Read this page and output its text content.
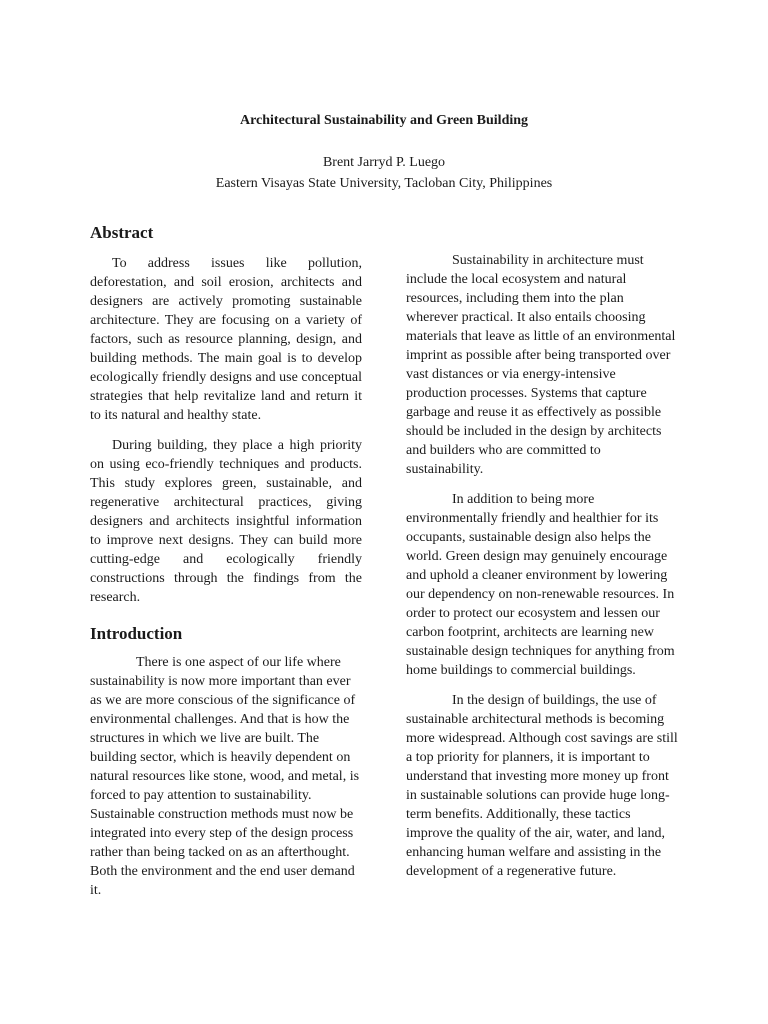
Architectural Sustainability and Green Building
Brent Jarryd P. Luego
Eastern Visayas State University, Tacloban City, Philippines
Abstract

To address issues like pollution, deforestation, and soil erosion, architects and designers are actively promoting sustainable architecture. They are focusing on a variety of factors, such as resource planning, design, and building methods. The main goal is to develop ecologically friendly designs and use conceptual strategies that help revitalize land and return it to its natural and healthy state.

During building, they place a high priority on using eco-friendly techniques and products. This study explores green, sustainable, and regenerative architectural practices, giving designers and architects insightful information to improve next designs. They can build more cutting-edge and ecologically friendly constructions through the findings from the research.

Introduction

There is one aspect of our life where sustainability is now more important than ever as we are more conscious of the significance of environmental challenges. And that is how the structures in which we live are built. The building sector, which is heavily dependent on natural resources like stone, wood, and metal, is forced to pay attention to sustainability. Sustainable construction methods must now be integrated into every step of the design process rather than being tacked on as an afterthought. Both the environment and the end user demand it.

Sustainability in architecture must include the local ecosystem and natural resources, including them into the plan wherever practical. It also entails choosing materials that leave as little of an environmental imprint as possible after being transported over vast distances or via energy-intensive production processes. Systems that capture garbage and reuse it as effectively as possible should be included in the design by architects and builders who are committed to sustainability.

In addition to being more environmentally friendly and healthier for its occupants, sustainable design also helps the world. Green design may genuinely encourage and uphold a cleaner environment by lowering our dependency on non-renewable resources. In order to protect our ecosystem and lessen our carbon footprint, architects are learning new sustainable design techniques for anything from home buildings to commercial buildings.

In the design of buildings, the use of sustainable architectural methods is becoming more widespread. Although cost savings are still a top priority for planners, it is important to understand that investing more money up front in sustainable solutions can provide huge long-term benefits. Additionally, these tactics improve the quality of the air, water, and land, enhancing human welfare and assisting in the development of a regenerative future.
